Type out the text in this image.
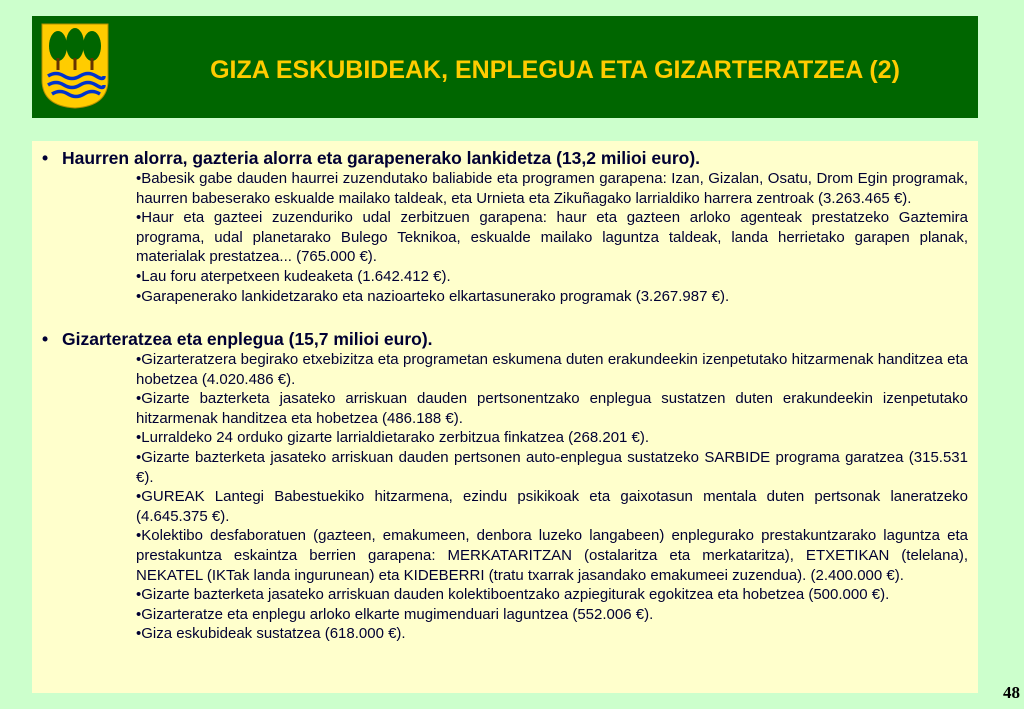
GIZA ESKUBIDEAK, ENPLEGUA ETA GIZARTERATZEA (2)
• Haurren alorra, gazteria alorra eta garapenerako lankidetza (13,2 milioi euro).

• Babesik gabe dauden haurrei zuzendutako baliabide eta programen garapena: Izan, Gizalan, Osatu, Drom Egin programak, haurren babeserako eskualde mailako taldeak, eta Urnieta eta Zikuñagako larrialdiko harrera zentroak (3.263.465 €).

• Haur eta gazteei zuzenduriko udal zerbitzuen garapena: haur eta gazteen arloko agenteak prestatzeko Gaztemira programa, udal planetarako Bulego Teknikoa, eskualde mailako laguntza taldeak, landa herrietako garapen planak, materialak prestatzea... (765.000 €).

• Lau foru aterpetxeen kudeaketa (1.642.412 €).

• Garapenerako lankidetzarako eta nazioarteko elkartasunerako programak (3.267.987 €).

• Gizarteratzea eta enplegua (15,7 milioi euro).

• Gizarteratzera begirako etxebizitza eta programetan eskumena duten erakundeekin izenpetutako hitzarmenak handitzea eta hobetzea (4.020.486 €).

• Gizarte bazterketa jasateko arriskuan dauden pertsonentzako enplegua sustatzen duten erakundeekin izenpetutako hitzarmenak handitzea eta hobetzea (486.188 €).

• Lurraldeko 24 orduko gizarte larrialdietarako zerbitzua finkatzea (268.201 €).

• Gizarte bazterketa jasateko arriskuan dauden pertsonen auto-enplegua sustatzeko SARBIDE programa garatzea (315.531 €).

• GUREAK Lantegi Babestuekiko hitzarmena, ezindu psikikoak eta gaixotasun mentala duten pertsonak laneratzeko (4.645.375 €).

• Kolektibo desfaboratuen (gazteen, emakumeen, denbora luzeko langabeen) enplegurako prestakuntzarako laguntza eta prestakuntza eskaintza berrien garapena: MERKATARITZAN (ostalaritza eta merkataritza), ETXETIKAN (telelana), NEKATEL (IKTak landa ingurunean) eta KIDEBERRI (tratu txarrak jasandako emakumeei zuzendua). (2.400.000 €).

• Gizarte bazterketa jasateko arriskuan dauden kolektiboentzako azpiegiturak egokitzea eta hobetzea (500.000 €).

• Gizarteratze eta enplegu arloko elkarte mugimenduari laguntzea (552.006 €).

• Giza eskubideak sustatzea (618.000 €).

48
